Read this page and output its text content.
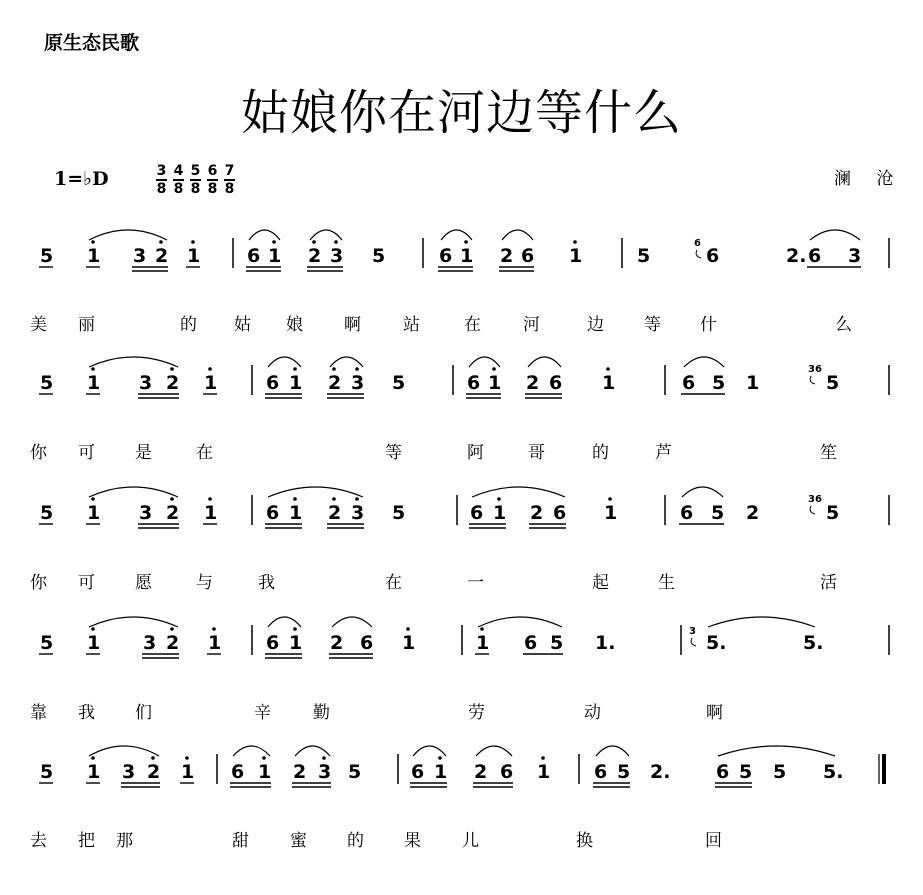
原生态民歌
姑娘你在河边等什么
1=♭D	$\frac{3}{8} \frac{4}{8} \frac{5}{8} \frac{6}{8} \frac{7}{8}$	澜 沧
5 1 3 2 1 6 1 2 3 5	6 1 2 6 1	5	6	2. 6 3
6
5 1 3 2 1	6 1 2 3 5	6 1 2 6 1	6 5 1	5
36
5 1 3 2 1	6 1 2 3 5	6 1 2 6 1	6 5 2	5
36
5 1 3 2 1 6 1 2 6 1	1 6 5 1.	5.	5.
3
5 1 3 2 1 6 1 2 3 5	6 1 2 6 1 6 5 2. 6 5 5 5.
美 丽	的 姑 娘 啊 站	在 河	边 等 什	么
你 可 是	在	等	阿	哥	的	芦	笙
你 可 愿	与	我	在	一	起	生	活
靠 我 们	辛 勤	劳	动	啊
去 把 那	甜 蜜 的 果 儿	换	回
